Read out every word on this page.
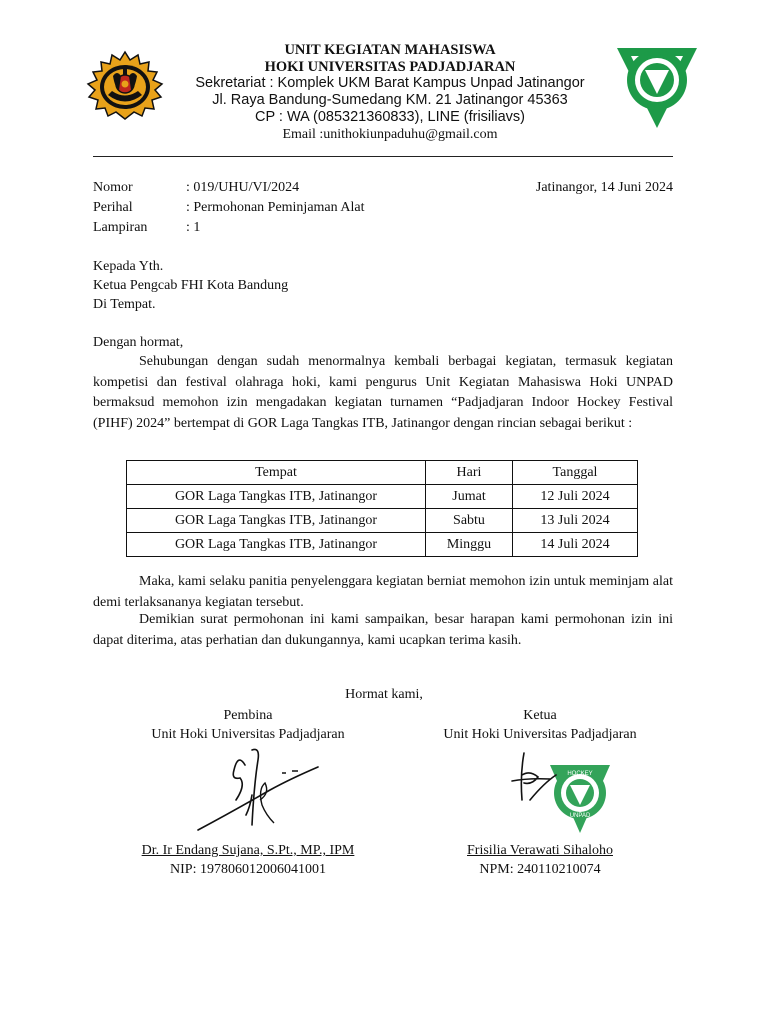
UNIT KEGIATAN MAHASISWA
HOKI UNIVERSITAS PADJADJARAN
Sekretariat : Komplek UKM Barat Kampus Unpad Jatinangor
Jl. Raya Bandung-Sumedang KM. 21 Jatinangor 45363
CP : WA (085321360833), LINE (frisiliavs)
Email :unithokiunpaduhu@gmail.com
HOCKEY
UNPAD
Nomor	: 019/UHU/VI/2024
Perihal	: Permohonan Peminjaman Alat
Lampiran	: 1
Jatinangor, 14 Juni 2024
Kepada Yth.
Ketua Pengcab FHI Kota Bandung
Di Tempat.
Dengan hormat,

Sehubungan dengan sudah menormalnya kembali berbagai kegiatan, termasuk kegiatan kompetisi dan festival olahraga hoki, kami pengurus Unit Kegiatan Mahasiswa Hoki UNPAD bermaksud memohon izin mengadakan kegiatan turnamen “Padjadjaran Indoor Hockey Festival (PIHF) 2024” bertempat di GOR Laga Tangkas ITB, Jatinangor dengan rincian sebagai berikut :

Tempat	Hari	Tanggal
GOR Laga Tangkas ITB, Jatinangor	Jumat	12 Juli 2024
GOR Laga Tangkas ITB, Jatinangor	Sabtu	13 Juli 2024
GOR Laga Tangkas ITB, Jatinangor	Minggu	14 Juli 2024

Maka, kami selaku panitia penyelenggara kegiatan berniat memohon izin untuk meminjam alat demi terlaksananya kegiatan tersebut.

Demikian surat permohonan ini kami sampaikan, besar harapan kami permohonan izin ini dapat diterima, atas perhatian dan dukungannya, kami ucapkan terima kasih.

Hormat kami,
Pembina
Unit Hoki Universitas Padjadjaran
Dr. Ir Endang Sujana, S.Pt., MP., IPM
NIP: 197806012006041001
Ketua
Unit Hoki Universitas Padjadjaran
HOCKEY
UNPAD
Frisilia Verawati Sihaloho
NPM: 240110210074
